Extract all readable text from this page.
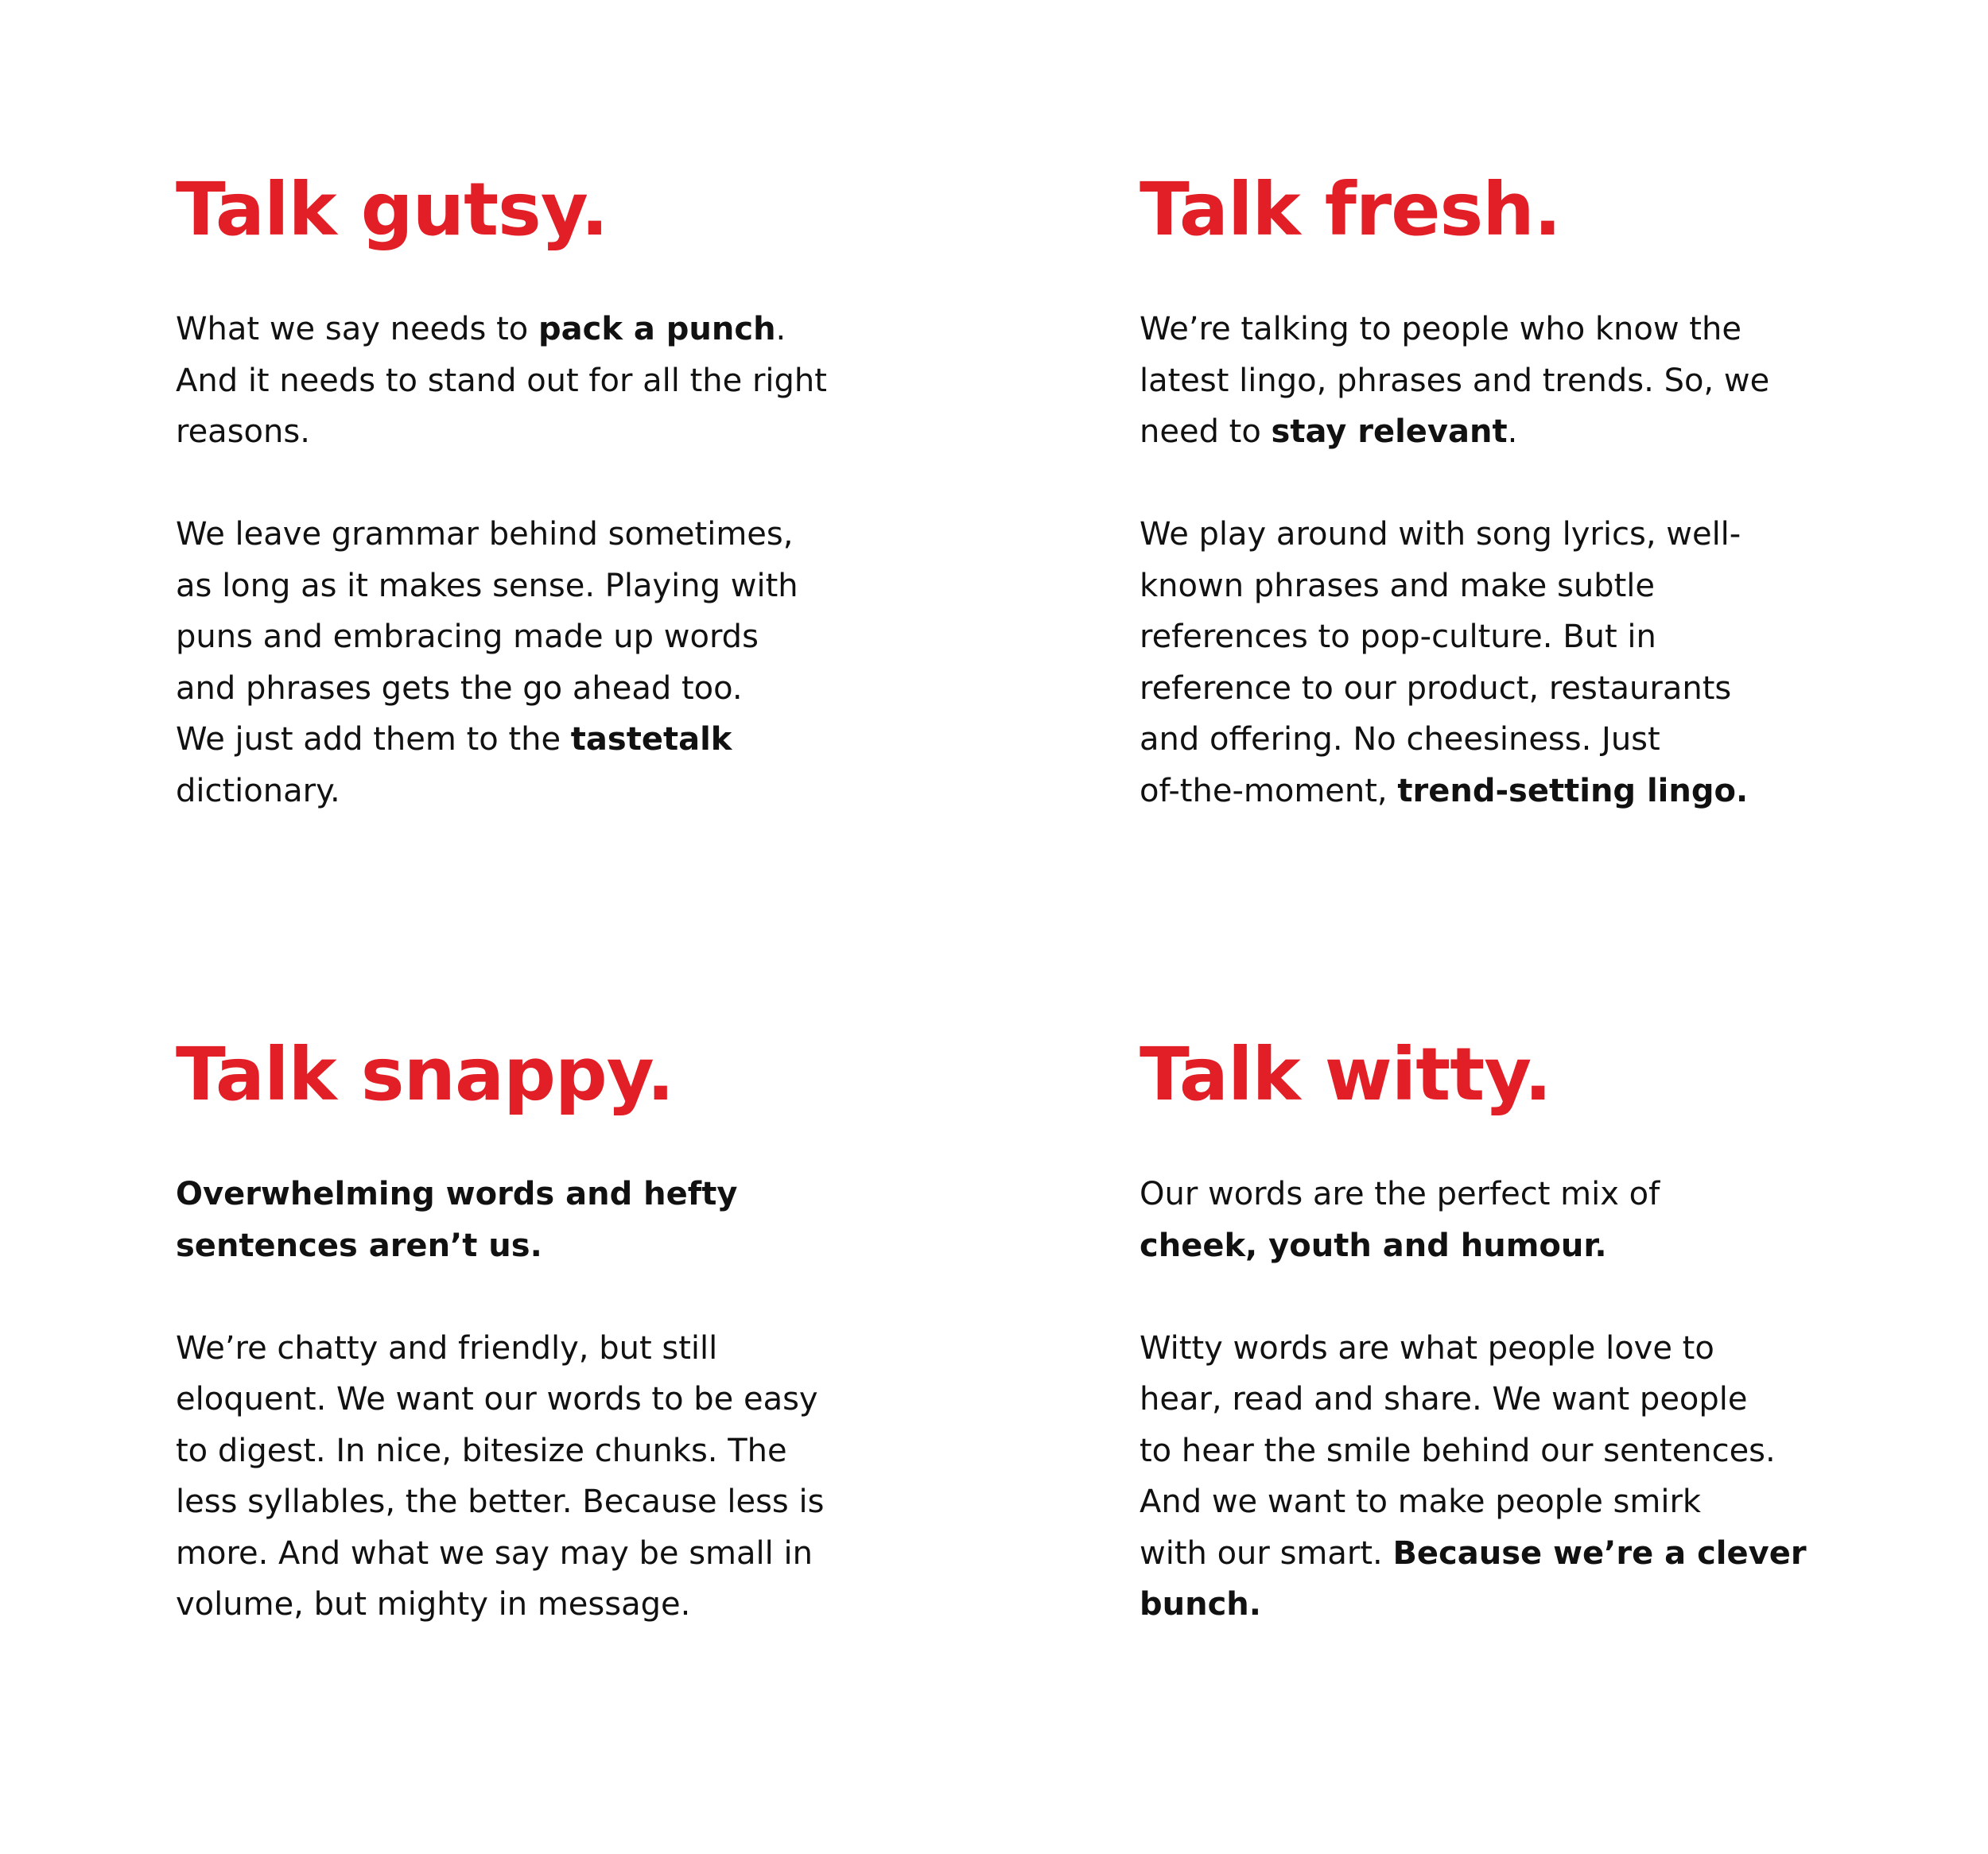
Talk gutsy.

What we say needs to pack a punch.
And it needs to stand out for all the right
reasons.

We leave grammar behind sometimes,
as long as it makes sense. Playing with
puns and embracing made up words
and phrases gets the go ahead too.
We just add them to the tastetalk
dictionary.

Talk fresh.

We’re talking to people who know the
latest lingo, phrases and trends. So, we
need to stay relevant.

We play around with song lyrics, well-
known phrases and make subtle
references to pop-culture. But in
reference to our product, restaurants
and offering. No cheesiness. Just
of-the-moment, trend-setting lingo.

Talk snappy.

Overwhelming words and hefty
sentences aren’t us.

We’re chatty and friendly, but still
eloquent. We want our words to be easy
to digest. In nice, bitesize chunks. The
less syllables, the better. Because less is
more. And what we say may be small in
volume, but mighty in message.

Talk witty.

Our words are the perfect mix of
cheek, youth and humour.

Witty words are what people love to
hear, read and share. We want people
to hear the smile behind our sentences.
And we want to make people smirk
with our smart. Because we’re a clever
bunch.
